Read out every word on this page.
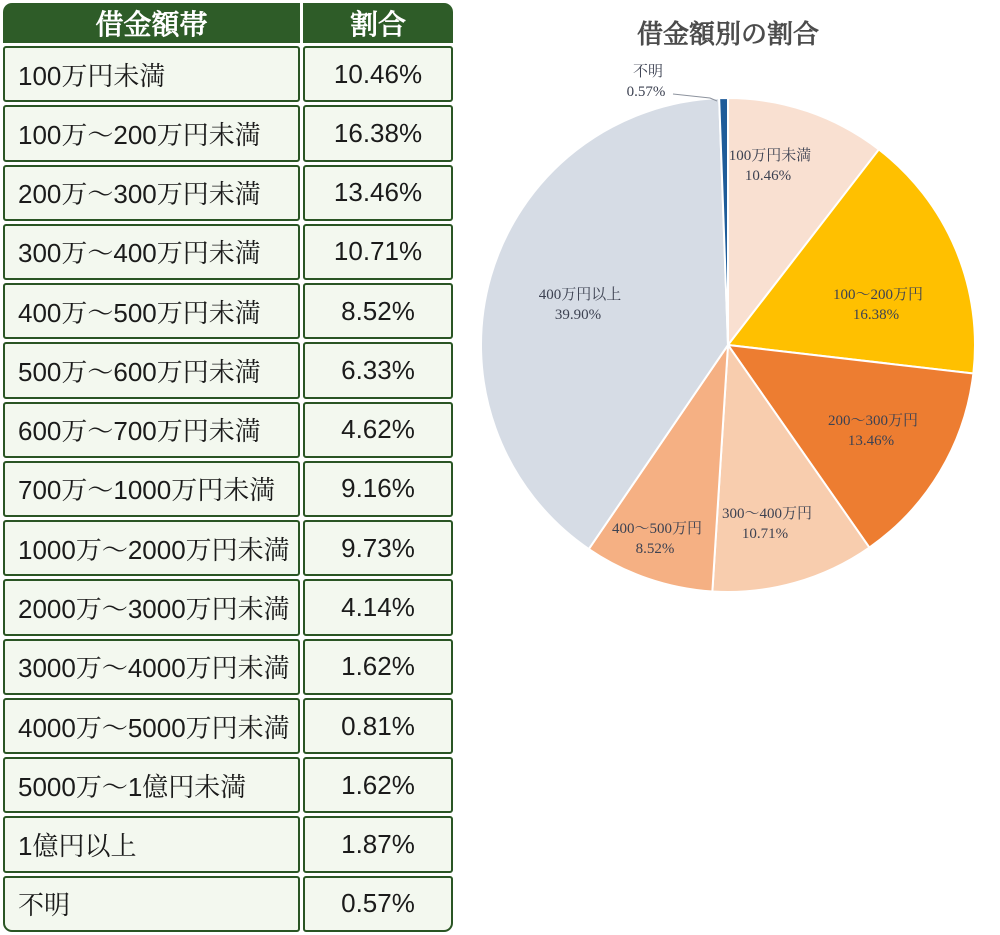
借金額帯	割合
100万円未満	10.46%
100万〜200万円未満	16.38%
200万〜300万円未満	13.46%
300万〜400万円未満	10.71%
400万〜500万円未満	8.52%
500万〜600万円未満	6.33%
600万〜700万円未満	4.62%
700万〜1000万円未満	9.16%
1000万〜2000万円未満	9.73%
2000万〜3000万円未満	4.14%
3000万〜4000万円未満	1.62%
4000万〜5000万円未満	0.81%
5000万〜1億円未満	1.62%
1億円以上	1.87%
不明	0.57%
借金額別の割合
100万円未満 10.46%
100〜200万円 16.38%
200〜300万円 13.46%
300〜400万円 10.71%
400〜500万円 8.52%
400万円以上 39.90%
不明 0.57%
